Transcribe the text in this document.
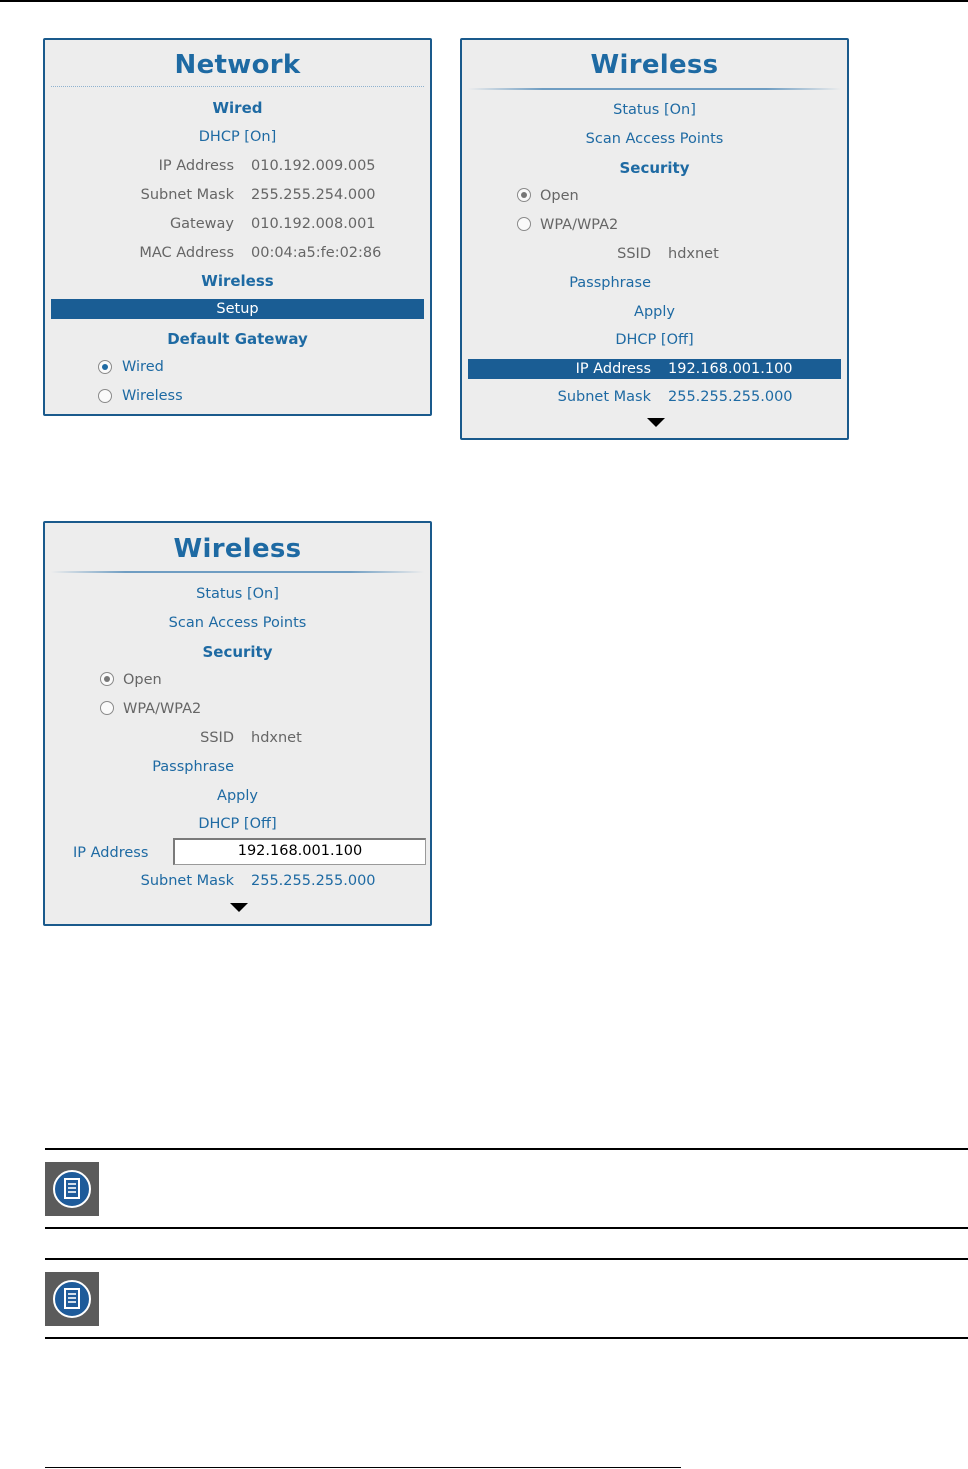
Network
Wired
DHCP [On]
IP Address 010.192.009.005
Subnet Mask 255.255.254.000
Gateway 010.192.008.001
MAC Address 00:04:a5:fe:02:86
Wireless
Setup
Default Gateway
Wired
Wireless
Wireless
Status [On]
Scan Access Points
Security
Open
WPA/WPA2
SSID hdxnet
Passphrase
Apply
DHCP [Off]
IP Address 192.168.001.100
Subnet Mask 255.255.255.000
Wireless
Status [On]
Scan Access Points
Security
Open
WPA/WPA2
SSID hdxnet
Passphrase
Apply
DHCP [Off]
IP Address	192.168.001.100
Subnet Mask 255.255.255.000
